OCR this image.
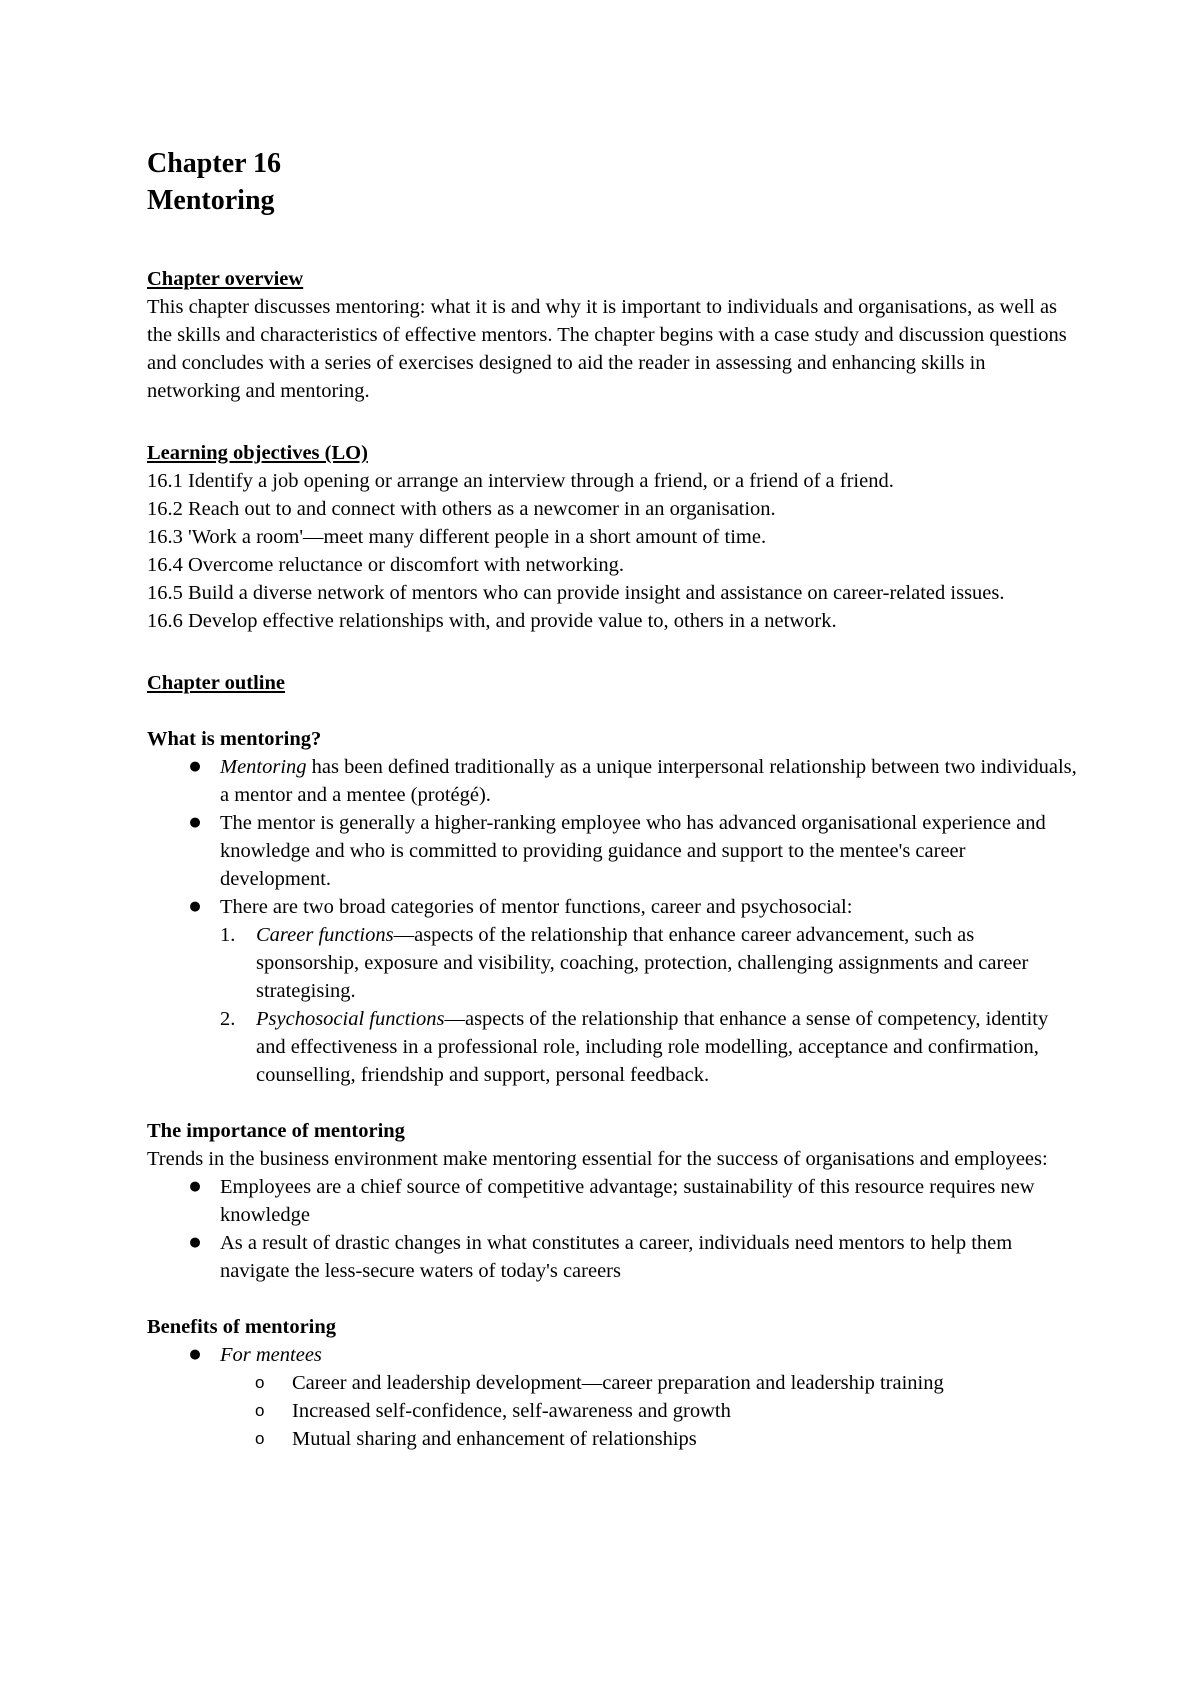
Chapter 16
Mentoring

Chapter overview

This chapter discusses mentoring: what it is and why it is important to individuals and organisations, as well as the skills and characteristics of effective mentors. The chapter begins with a case study and discussion questions and concludes with a series of exercises designed to aid the reader in assessing and enhancing skills in networking and mentoring.

Learning objectives (LO)

16.1 Identify a job opening or arrange an interview through a friend, or a friend of a friend.

16.2 Reach out to and connect with others as a newcomer in an organisation.

16.3 'Work a room'—meet many different people in a short amount of time.

16.4 Overcome reluctance or discomfort with networking.

16.5 Build a diverse network of mentors who can provide insight and assistance on career-related issues.

16.6 Develop effective relationships with, and provide value to, others in a network.

Chapter outline

What is mentoring?

● Mentoring has been defined traditionally as a unique interpersonal relationship between two individuals, a mentor and a mentee (protégé).
● The mentor is generally a higher-ranking employee who has advanced organisational experience and knowledge and who is committed to providing guidance and support to the mentee's career development.
● There are two broad categories of mentor functions, career and psychosocial:
1. Career functions—aspects of the relationship that enhance career advancement, such as sponsorship, exposure and visibility, coaching, protection, challenging assignments and career strategising.
2. Psychosocial functions—aspects of the relationship that enhance a sense of competency, identity and effectiveness in a professional role, including role modelling, acceptance and confirmation, counselling, friendship and support, personal feedback.

The importance of mentoring

Trends in the business environment make mentoring essential for the success of organisations and employees:

● Employees are a chief source of competitive advantage; sustainability of this resource requires new knowledge
● As a result of drastic changes in what constitutes a career, individuals need mentors to help them navigate the less-secure waters of today's careers

Benefits of mentoring

● For mentees
o	Career and leadership development—career preparation and leadership training
o	Increased self-confidence, self-awareness and growth
o	Mutual sharing and enhancement of relationships
